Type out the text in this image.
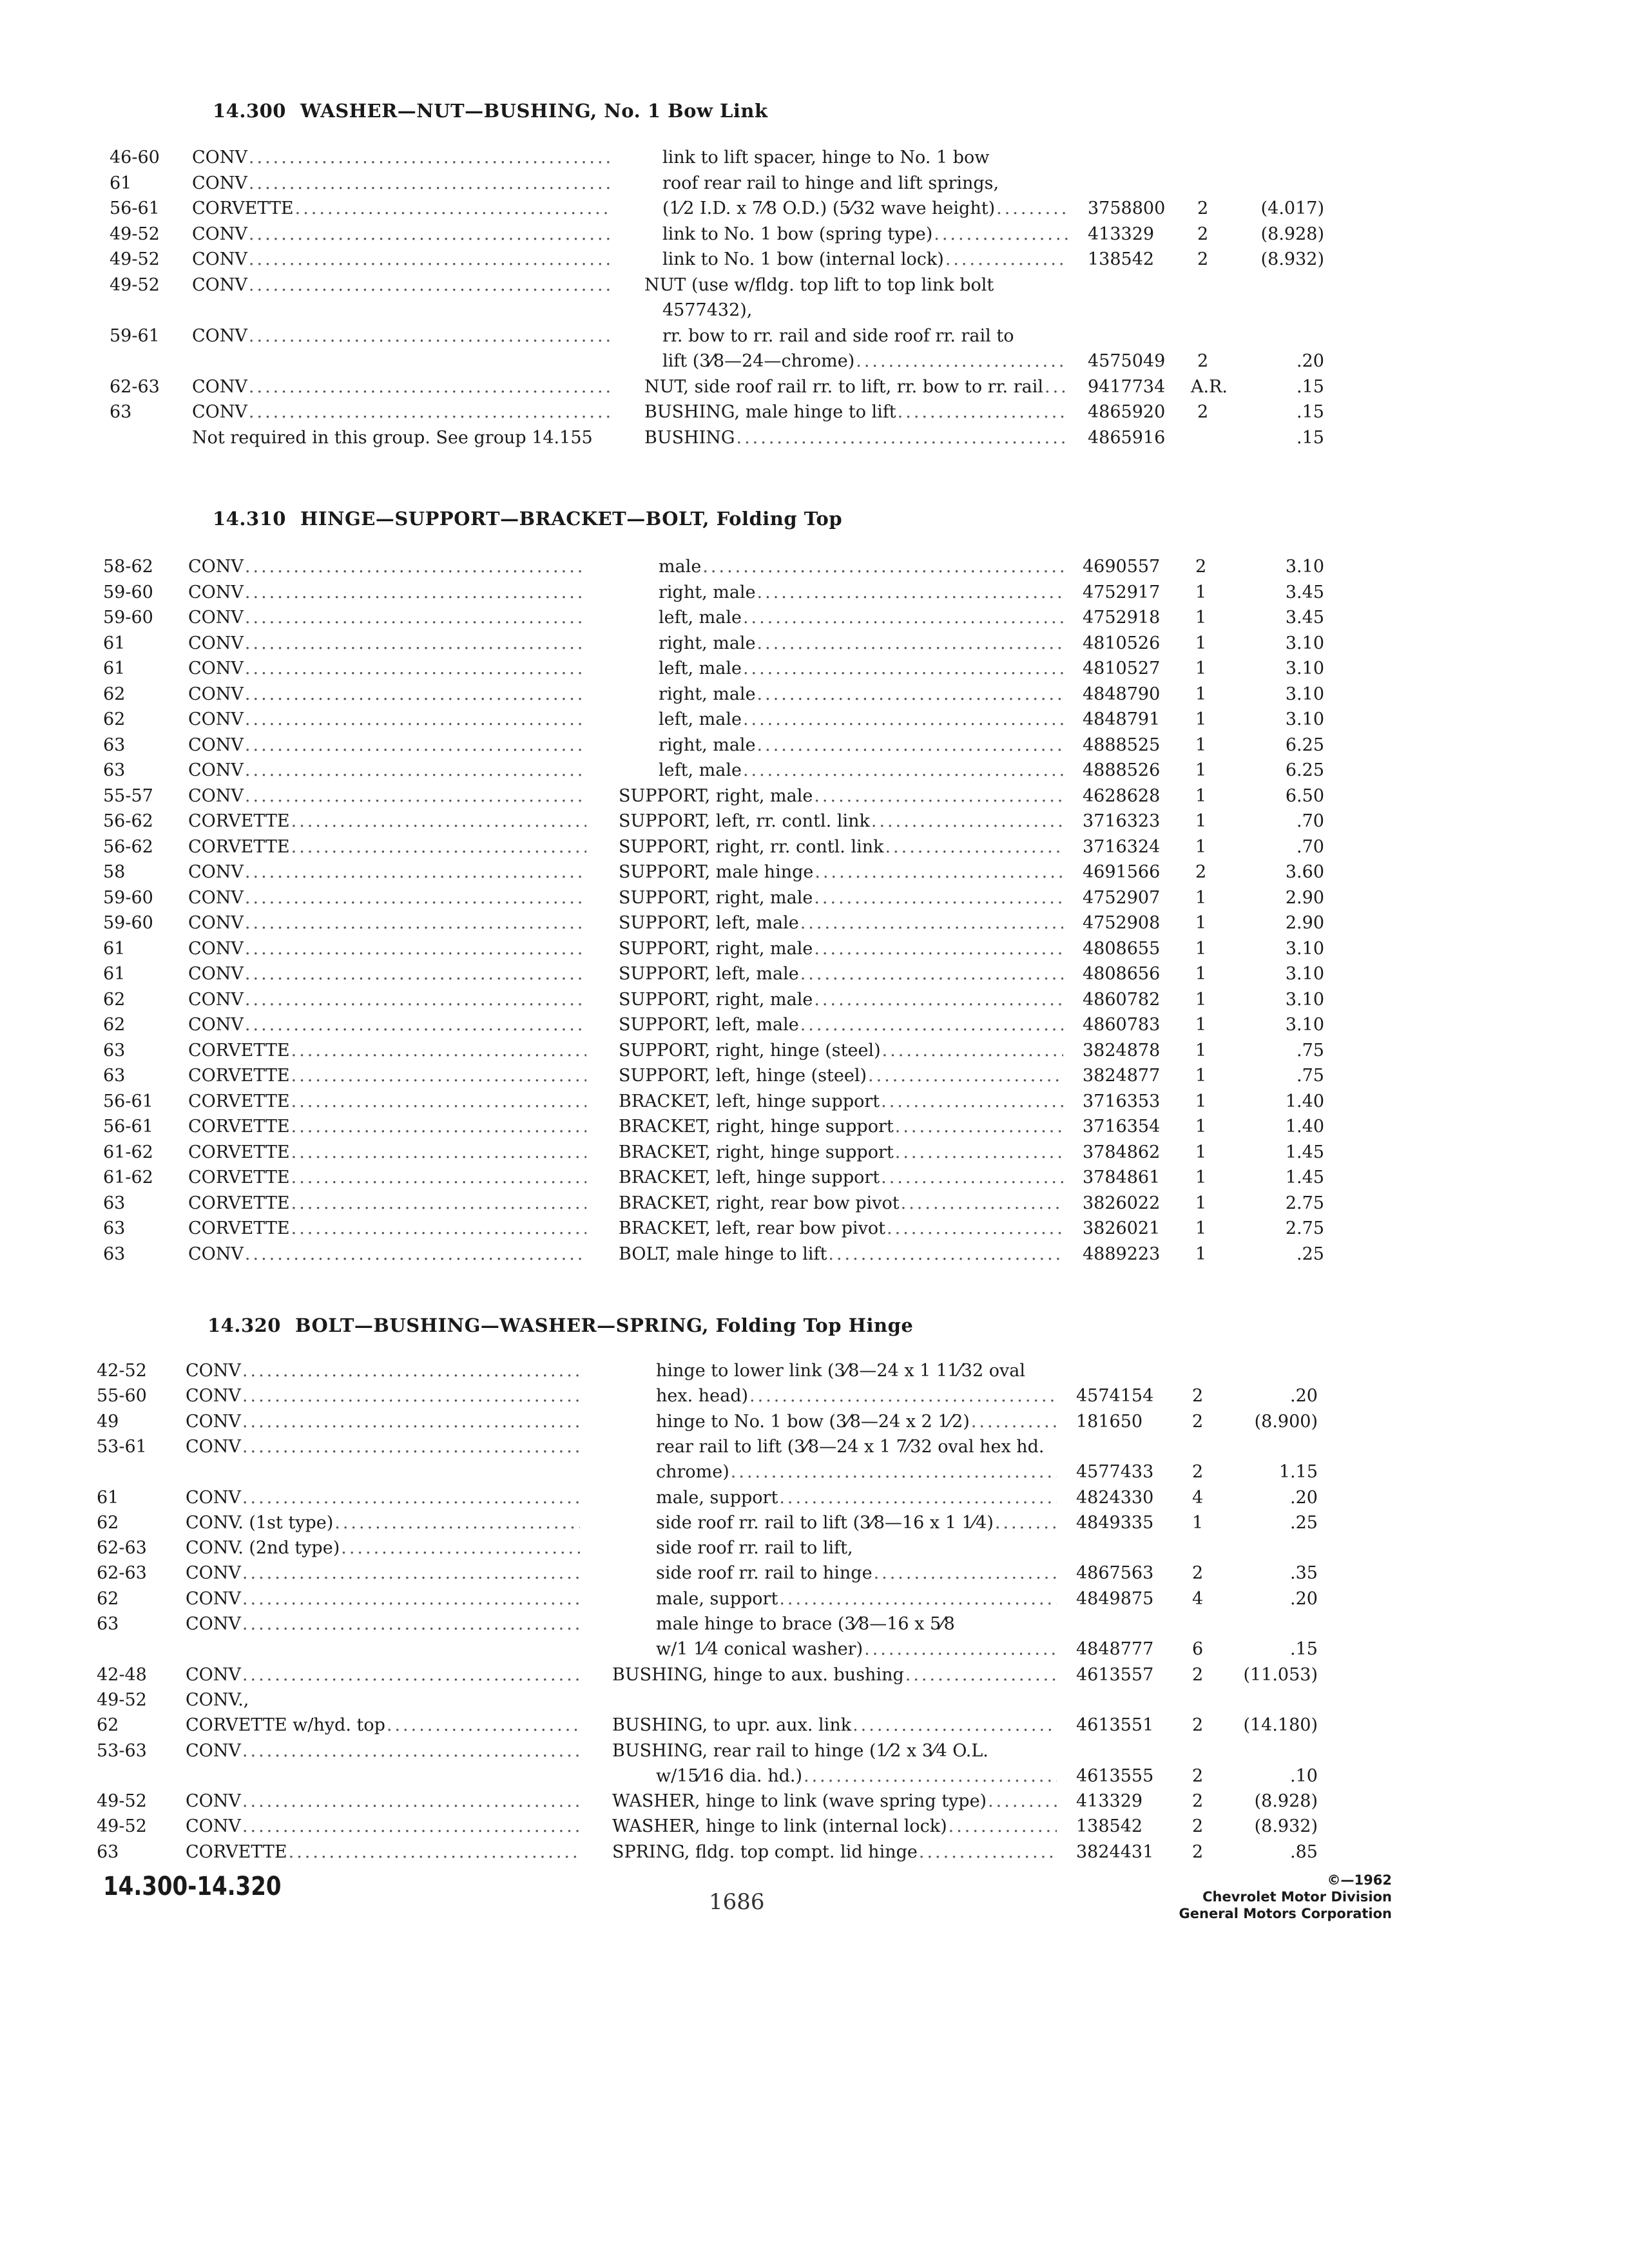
14.300 WASHER—NUT—BUSHING, No. 1 Bow Link
46-60	CONV .....	link to lift spacer, hinge to No. 1 bow
61	CONV .....	roof rear rail to hinge and lift springs,
56-61	CORVETTE .....	(1⁄2 I.D. x 7⁄8 O.D.) (5⁄32 wave height) .....	3758800 2	(4.017)
49-52	CONV .....	link to No. 1 bow (spring type) .....	413329 2	(8.928)
49-52	CONV .....	link to No. 1 bow (internal lock) .....	138542 2	(8.932)
49-52	CONV .....	NUT (use w/fldg. top lift to top link bolt
4577432),
59-61	CONV .....	rr. bow to rr. rail and side roof rr. rail to
lift (3⁄8—24—chrome) .....	4575049 2	.20
62-63	CONV .....	NUT, side roof rail rr. to lift, rr. bow to rr. rail .....	9417734 A.R.	.15
63	CONV .....	BUSHING, male hinge to lift .....	4865920 2	.15
Not required in this group. See group 14.155	BUSHING .....	4865916	.15
14.310 HINGE—SUPPORT—BRACKET—BOLT, Folding Top
58-62	CONV .....	male .....	4690557 2	3.10
59-60	CONV .....	right, male .....	4752917 1	3.45
59-60	CONV .....	left, male .....	4752918 1	3.45
61	CONV .....	right, male .....	4810526 1	3.10
61	CONV .....	left, male .....	4810527 1	3.10
62	CONV .....	right, male .....	4848790 1	3.10
62	CONV .....	left, male .....	4848791 1	3.10
63	CONV .....	right, male .....	4888525 1	6.25
63	CONV .....	left, male .....	4888526 1	6.25
55-57	CONV .....	SUPPORT, right, male .....	4628628 1	6.50
56-62	CORVETTE .....	SUPPORT, left, rr. contl. link .....	3716323 1	.70
56-62	CORVETTE .....	SUPPORT, right, rr. contl. link .....	3716324 1	.70
58	CONV .....	SUPPORT, male hinge .....	4691566 2	3.60
59-60	CONV .....	SUPPORT, right, male .....	4752907 1	2.90
59-60	CONV .....	SUPPORT, left, male .....	4752908 1	2.90
61	CONV .....	SUPPORT, right, male .....	4808655 1	3.10
61	CONV .....	SUPPORT, left, male .....	4808656 1	3.10
62	CONV .....	SUPPORT, right, male .....	4860782 1	3.10
62	CONV .....	SUPPORT, left, male .....	4860783 1	3.10
63	CORVETTE .....	SUPPORT, right, hinge (steel) .....	3824878 1	.75
63	CORVETTE .....	SUPPORT, left, hinge (steel) .....	3824877 1	.75
56-61	CORVETTE .....	BRACKET, left, hinge support .....	3716353 1	1.40
56-61	CORVETTE .....	BRACKET, right, hinge support .....	3716354 1	1.40
61-62	CORVETTE .....	BRACKET, right, hinge support .....	3784862 1	1.45
61-62	CORVETTE .....	BRACKET, left, hinge support .....	3784861 1	1.45
63	CORVETTE .....	BRACKET, right, rear bow pivot .....	3826022 1	2.75
63	CORVETTE .....	BRACKET, left, rear bow pivot .....	3826021 1	2.75
63	CONV .....	BOLT, male hinge to lift .....	4889223 1	.25
14.320 BOLT—BUSHING—WASHER—SPRING, Folding Top Hinge
42-52	CONV .....	hinge to lower link (3⁄8—24 x 1 11⁄32 oval
55-60	CONV .....	hex. head) .....	4574154 2	.20
49	CONV .....	hinge to No. 1 bow (3⁄8—24 x 2 1⁄2) .....	181650	2	(8.900)
53-61	CONV .....	rear rail to lift (3⁄8—24 x 1 7⁄32 oval hex hd.
chrome) .....	4577433 2	1.15
61	CONV .....	male, support .....	4824330 4	.20
62	CONV. (1st type) .....	side roof rr. rail to lift (3⁄8—16 x 1 1⁄4) .....	4849335 1	.25
62-63	CONV. (2nd type) .....	side roof rr. rail to lift,
62-63	CONV .....	side roof rr. rail to hinge .....	4867563 2	.35
62	CONV .....	male, support .....	4849875 4	.20
63	CONV .....	male hinge to brace (3⁄8—16 x 5⁄8
w/1 1⁄4 conical washer) .....	4848777 6	.15
42-48	CONV .....	BUSHING, hinge to aux. bushing .....	4613557 2	(11.053)
49-52	CONV.,
62	CORVETTE w/hyd. top .....	BUSHING, to upr. aux. link .....	4613551 2	(14.180)
53-63	CONV .....	BUSHING, rear rail to hinge (1⁄2 x 3⁄4 O.L.
w/15⁄16 dia. hd.) .....	4613555 2	.10
49-52	CONV .....	WASHER, hinge to link (wave spring type) .....	413329	2	(8.928)
49-52	CONV .....	WASHER, hinge to link (internal lock) .....	138542	2	(8.932)
63	CORVETTE .....	SPRING, fldg. top compt. lid hinge .....	3824431 2	.85
14.300-14.320
1686
©—1962
Chevrolet Motor Division
General Motors Corporation
